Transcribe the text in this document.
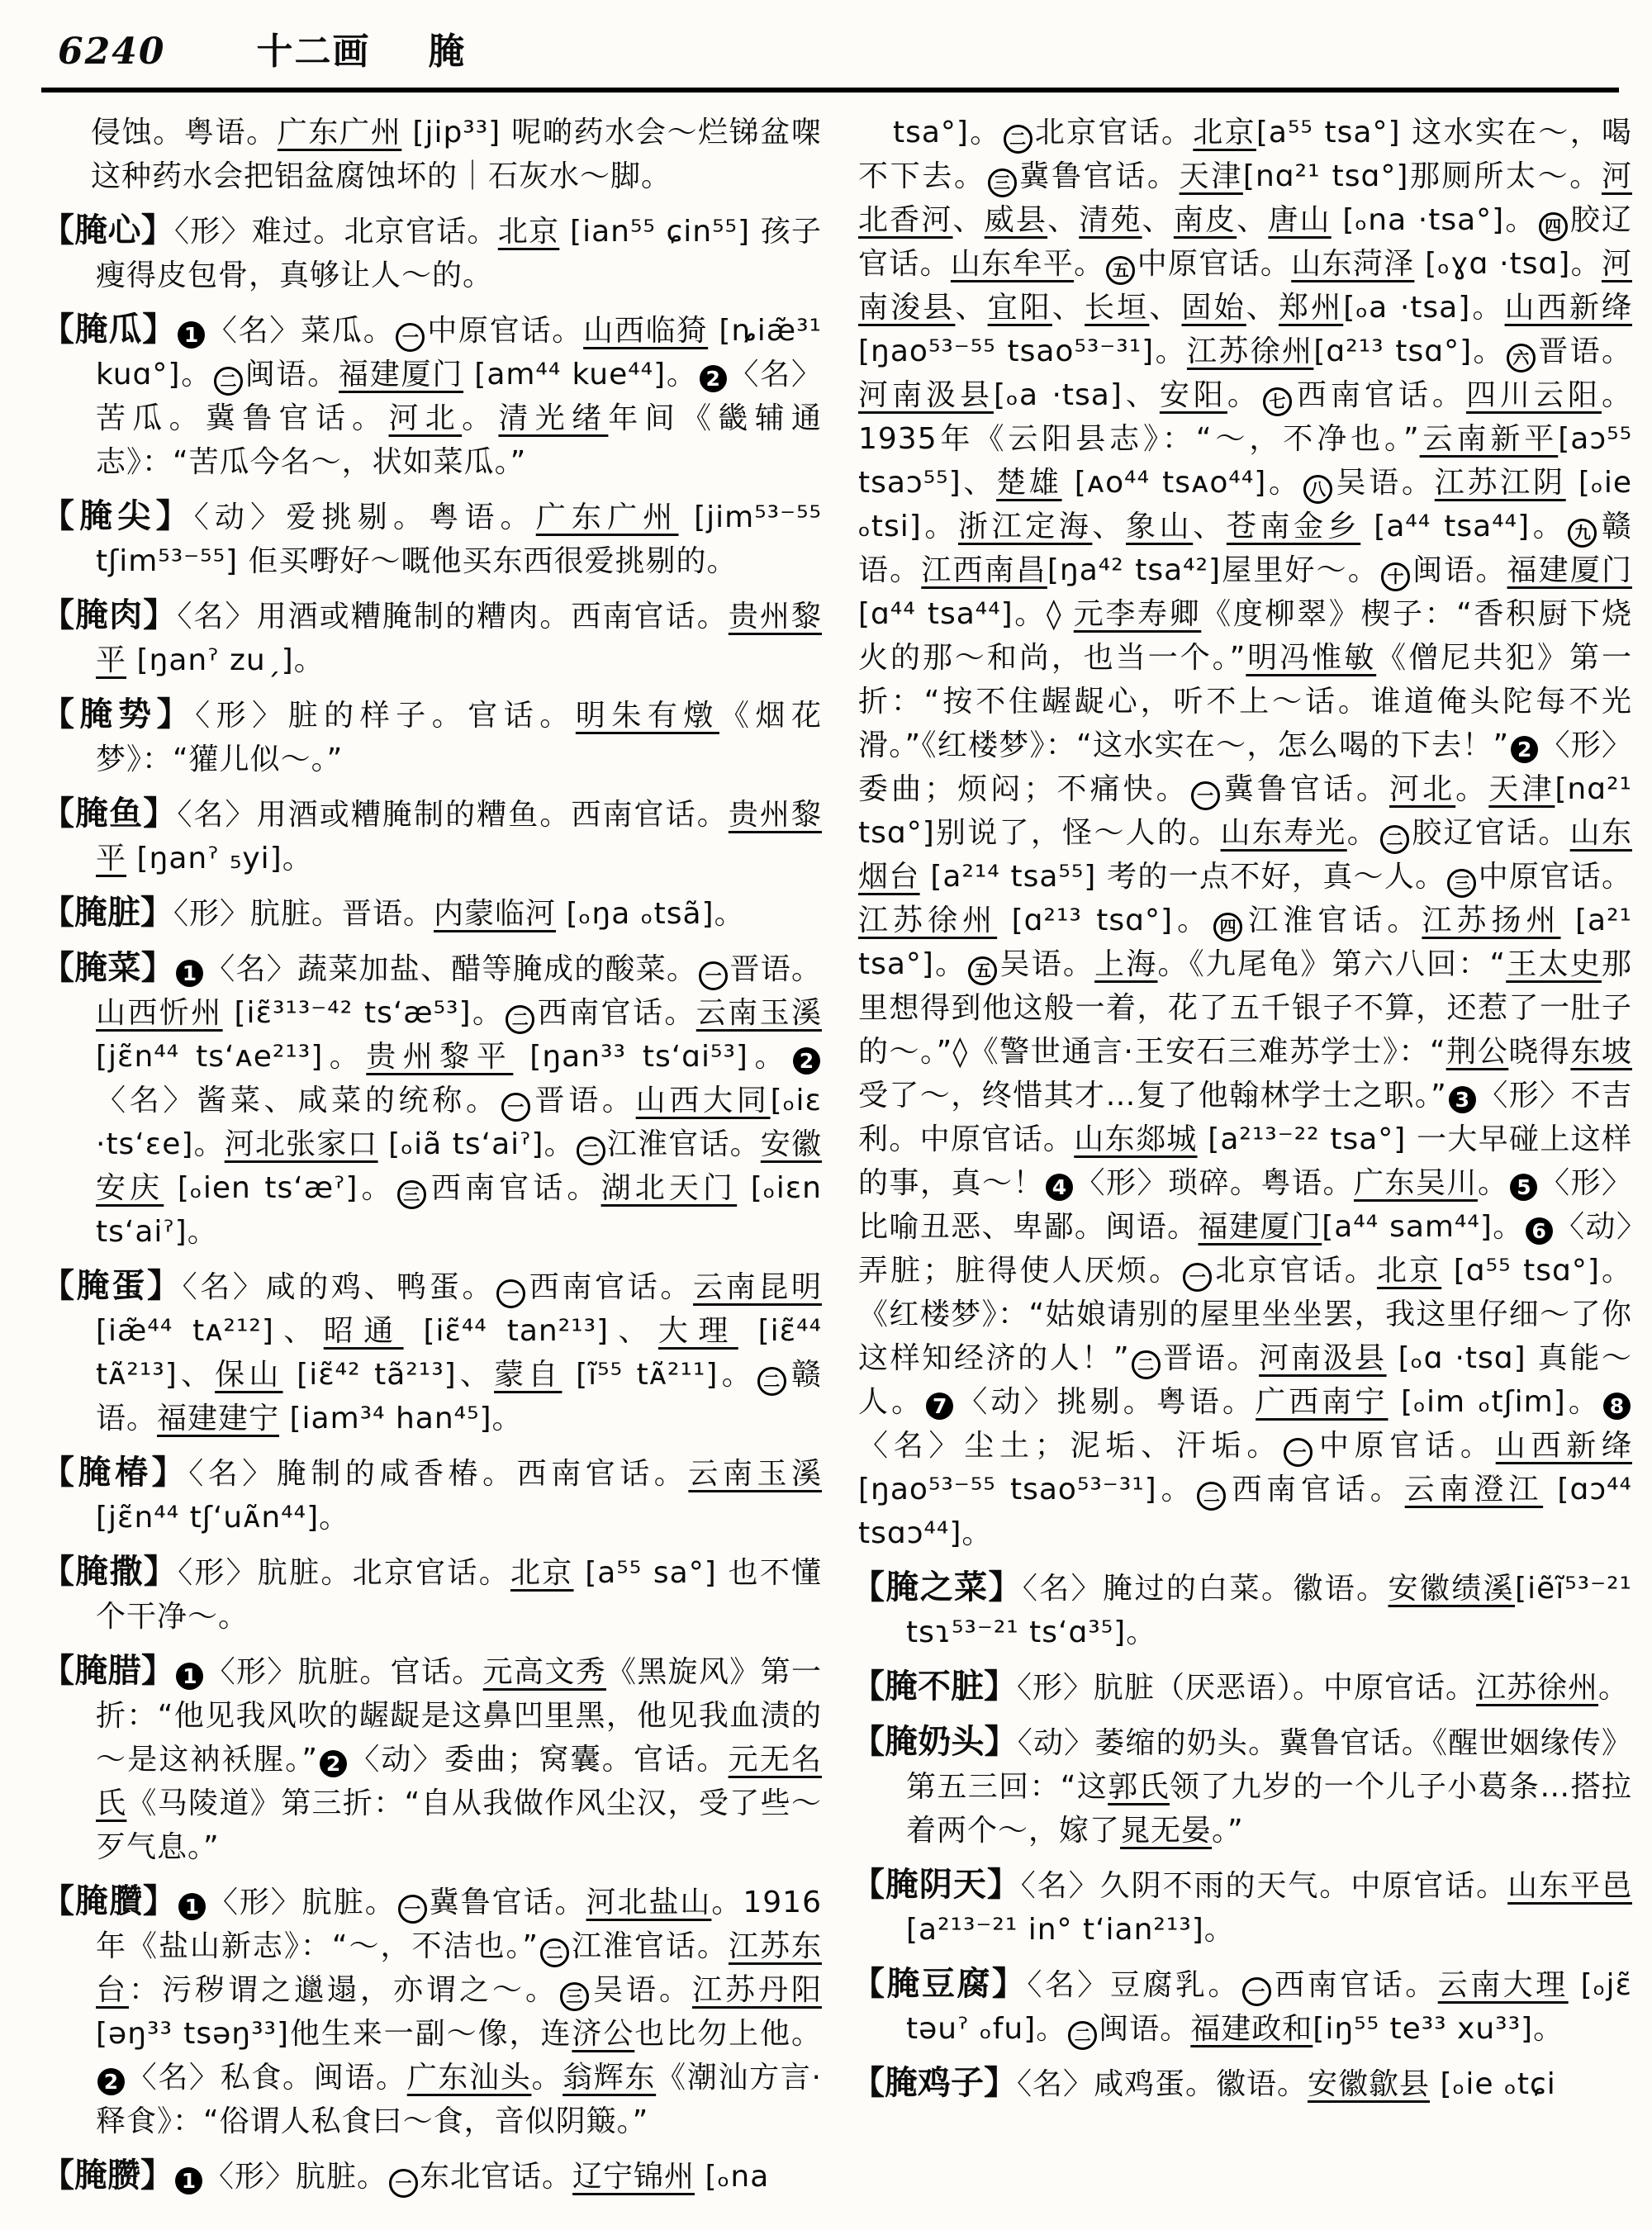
6240	十二画 腌
侵蚀。粤语。广东广州 [jip³³] 呢啲药水会～烂锑盆㗎这种药水会把铝盆腐蚀坏的｜石灰水～脚。
【腌心】〈形〉难过。北京官话。北京 [ian⁵⁵ ɕin⁵⁵] 孩子瘦得皮包骨，真够让人～的。
【腌瓜】 1 〈名〉菜瓜。 一 中原官话。山西临猗 [ȵiæ̃³¹ kuɑ°]。 二 闽语。福建厦门 [am⁴⁴ kue⁴⁴]。 2 〈名〉苦瓜。冀鲁官话。河北。清光绪年间《畿辅通志》：“苦瓜今名～，状如菜瓜。”
【腌尖】〈动〉爱挑剔。粤语。广东广州 [jim⁵³⁻⁵⁵ tʃim⁵³⁻⁵⁵] 佢买嘢好～嘅他买东西很爱挑剔的。
【腌肉】〈名〉用酒或糟腌制的糟肉。西南官话。贵州黎平 [ŋanˀ zuˏ]。
【腌势】〈形〉脏的样子。官话。明朱有燉《烟花梦》：“獾儿似～。”
【腌鱼】〈名〉用酒或糟腌制的糟鱼。西南官话。贵州黎平 [ŋanˀ ₅yi]。
【腌脏】〈形〉肮脏。晋语。内蒙临河 [ₒŋa ₒtsã]。
【腌菜】 1 〈名〉蔬菜加盐、醋等腌成的酸菜。 一 晋语。山西忻州 [iɛ̃³¹³⁻⁴² tsʻæ⁵³]。 二 西南官话。云南玉溪 [jɛ̃n⁴⁴ tsʻᴀe²¹³]。贵州黎平 [ŋan³³ tsʻɑi⁵³]。 2〈名〉酱菜、咸菜的统称。 一 晋语。山西大同[ₒiɛ ·tsʻɛe]。河北张家口 [ₒiã tsʻaiˀ]。 二 江淮官话。安徽安庆 [ₒien tsʻæˀ]。 三 西南官话。湖北天门 [ₒiɛn tsʻaiˀ]。
【腌蛋】〈名〉咸的鸡、鸭蛋。 一 西南官话。云南昆明[iæ̃⁴⁴ tᴀ²¹²]、昭通 [iɛ̃⁴⁴ tan²¹³]、大理 [iɛ̃⁴⁴ tᴀ̃²¹³]、保山 [iɛ̃⁴² tã²¹³]、蒙自 [ĩ⁵⁵ tᴀ̃²¹¹]。 二 赣语。福建建宁 [iam³⁴ han⁴⁵]。
【腌椿】〈名〉腌制的咸香椿。西南官话。云南玉溪 [jɛ̃n⁴⁴ tʃʻuᴀ̃n⁴⁴]。
【腌撒】〈形〉肮脏。北京官话。北京 [a⁵⁵ sa°] 也不懂个干净～。
【腌腊】 1 〈形〉肮脏。官话。元高文秀《黑旋风》第一折：“他见我风吹的龌龊是这鼻凹里黑，他见我血渍的～是这衲袄腥。” 2 〈动〉委曲；窝囊。官话。元无名氏《马陵道》第三折：“自从我做作风尘汉，受了些～歹气息。”
【腌臢】 1 〈形〉肮脏。 一 冀鲁官话。河北盐山。1916年《盐山新志》：“～，不洁也。” 二 江淮官话。江苏东台：污秽谓之邋遢，亦谓之～。 三 吴语。江苏丹阳 [əŋ³³ tsəŋ³³]他生来一副～像，连济公也比勿上他。2 〈名〉私食。闽语。广东汕头。翁辉东《潮汕方言·释食》：“俗谓人私食曰～食，音似阴簸。”
【腌臜】 1 〈形〉肮脏。 一 东北官话。辽宁锦州 [ₒna
tsa°]。 二 北京官话。北京[a⁵⁵ tsa°] 这水实在～，喝不下去。 三 冀鲁官话。天津[nɑ²¹ tsɑ°]那厕所太～。河北香河、威县、清苑、南皮、唐山 [ₒna ·tsa°]。 四 胶辽官话。山东牟平。 五 中原官话。山东菏泽 [ₒɣɑ ·tsɑ]。河南浚县、宜阳、长垣、固始、郑州[ₒa ·tsa]。山西新绛[ŋao⁵³⁻⁵⁵ tsao⁵³⁻³¹]。江苏徐州[ɑ²¹³ tsɑ°]。 六 晋语。河南汲县[ₒa ·tsa]、安阳。 七 西南官话。四川云阳。1935年《云阳县志》：“～，不净也。”云南新平[aɔ⁵⁵ tsaɔ⁵⁵]、楚雄 [ᴀo⁴⁴ tsᴀo⁴⁴]。 八 吴语。江苏江阴 [ₒie ₒtsi]。浙江定海、象山、苍南金乡 [a⁴⁴ tsa⁴⁴]。 九 赣语。江西南昌[ŋa⁴² tsa⁴²]屋里好～。 十 闽语。福建厦门 [ɑ⁴⁴ tsa⁴⁴]。◊ 元李寿卿《度柳翠》楔子：“香积厨下烧火的那～和尚，也当一个。”明冯惟敏《僧尼共犯》第一折：“按不住龌龊心，听不上～话。谁道俺头陀每不光滑。”《红楼梦》：“这水实在～，怎么喝的下去！” 2 〈形〉委曲；烦闷；不痛快。 一 冀鲁官话。河北。天津[nɑ²¹ tsɑ°]别说了，怪～人的。山东寿光。 二 胶辽官话。山东烟台 [a²¹⁴ tsa⁵⁵] 考的一点不好，真～人。 三 中原官话。江苏徐州 [ɑ²¹³ tsɑ°]。 四 江淮官话。江苏扬州 [a²¹ tsa°]。 五 吴语。上海。《九尾龟》第六八回：“王太史那里想得到他这般一着，花了五千银子不算，还惹了一肚子的～。”◊《警世通言·王安石三难苏学士》：“荆公晓得东坡受了～，终惜其才…复了他翰林学士之职。” 3 〈形〉不吉利。中原官话。山东郯城 [a²¹³⁻²² tsa°] 一大早碰上这样的事，真～！ 4 〈形〉琐碎。粤语。广东吴川。 5 〈形〉比喻丑恶、卑鄙。闽语。福建厦门[a⁴⁴ sam⁴⁴]。 6 〈动〉弄脏；脏得使人厌烦。 一 北京官话。北京 [ɑ⁵⁵ tsɑ°]。《红楼梦》：“姑娘请别的屋里坐坐罢，我这里仔细～了你这样知经济的人！” 二 晋语。河南汲县 [ₒɑ ·tsɑ] 真能～人。 7 〈动〉挑剔。粤语。广西南宁 [ₒim ₒtʃim]。 8〈名〉尘土；泥垢、汗垢。 一 中原官话。山西新绛 [ŋao⁵³⁻⁵⁵ tsao⁵³⁻³¹]。 二 西南官话。云南澄江 [ɑɔ⁴⁴ tsɑɔ⁴⁴]。
【腌之菜】〈名〉腌过的白菜。徽语。安徽绩溪[iẽĩ⁵³⁻²¹ tsɿ⁵³⁻²¹ tsʻɑ³⁵]。
【腌不脏】〈形〉肮脏（厌恶语）。中原官话。江苏徐州。
【腌奶头】〈动〉萎缩的奶头。冀鲁官话。《醒世姻缘传》第五三回：“这郭氏领了九岁的一个儿子小葛条…搭拉着两个～，嫁了晁无晏。”
【腌阴天】〈名〉久阴不雨的天气。中原官话。山东平邑 [a²¹³⁻²¹ in° tʻian²¹³]。
【腌豆腐】〈名〉豆腐乳。 一 西南官话。云南大理 [ₒjɛ̃ təuˀ ₒfu]。 二 闽语。福建政和[iŋ⁵⁵ te³³ xu³³]。
【腌鸡子】〈名〉咸鸡蛋。徽语。安徽歙县 [ₒie ₒtɕi
